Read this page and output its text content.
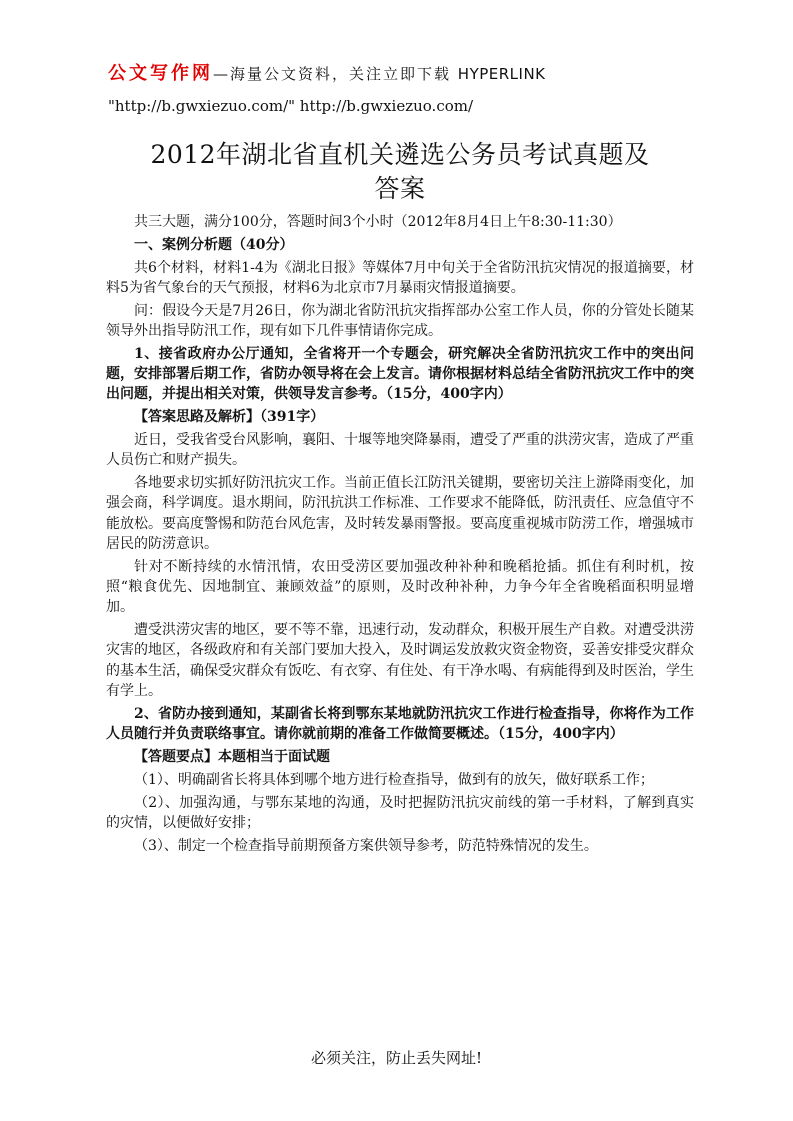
公文写作网—海量公文资料，关注立即下载 HYPERLINK
"http://b.gwxiezuo.com/" http://b.gwxiezuo.com/
2012年湖北省直机关遴选公务员考试真题及
答案

共三大题，满分100分，答题时间3个小时（2012年8月4日上午8:30-11:30）

一、案例分析题（40分）

共6个材料，材料1-4为《湖北日报》等媒体7月中旬关于全省防汛抗灾情况的报道摘要，材料5为省气象台的天气预报，材料6为北京市7月暴雨灾情报道摘要。

问：假设今天是7月26日，你为湖北省防汛抗灾指挥部办公室工作人员，你的分管处长随某领导外出指导防汛工作，现有如下几件事情请你完成。

1、接省政府办公厅通知，全省将开一个专题会，研究解决全省防汛抗灾工作中的突出问题，安排部署后期工作，省防办领导将在会上发言。请你根据材料总结全省防汛抗灾工作中的突出问题，并提出相关对策，供领导发言参考。（15分，400字内）

【答案思路及解析】（391字）

近日，受我省受台风影响，襄阳、十堰等地突降暴雨，遭受了严重的洪涝灾害，造成了严重人员伤亡和财产损失。

各地要求切实抓好防汛抗灾工作。当前正值长江防汛关键期，要密切关注上游降雨变化，加强会商，科学调度。退水期间，防汛抗洪工作标准、工作要求不能降低，防汛责任、应急值守不能放松。要高度警惕和防范台风危害，及时转发暴雨警报。要高度重视城市防涝工作，增强城市居民的防涝意识。

针对不断持续的水情汛情，农田受涝区要加强改种补种和晚稻抢插。抓住有利时机，按照“粮食优先、因地制宜、兼顾效益”的原则，及时改种补种，力争今年全省晚稻面积明显增加。

遭受洪涝灾害的地区，要不等不靠，迅速行动，发动群众，积极开展生产自救。对遭受洪涝灾害的地区，各级政府和有关部门要加大投入，及时调运发放救灾资金物资，妥善安排受灾群众的基本生活，确保受灾群众有饭吃、有衣穿、有住处、有干净水喝、有病能得到及时医治，学生有学上。

2、省防办接到通知，某副省长将到鄂东某地就防汛抗灾工作进行检查指导，你将作为工作人员随行并负责联络事宜。请你就前期的准备工作做简要概述。（15分，400字内）

【答题要点】本题相当于面试题

（1）、明确副省长将具体到哪个地方进行检查指导，做到有的放矢，做好联系工作；

（2）、加强沟通，与鄂东某地的沟通，及时把握防汛抗灾前线的第一手材料，了解到真实的灾情，以便做好安排；

（3）、制定一个检查指导前期预备方案供领导参考，防范特殊情况的发生。

必须关注，防止丢失网址!
